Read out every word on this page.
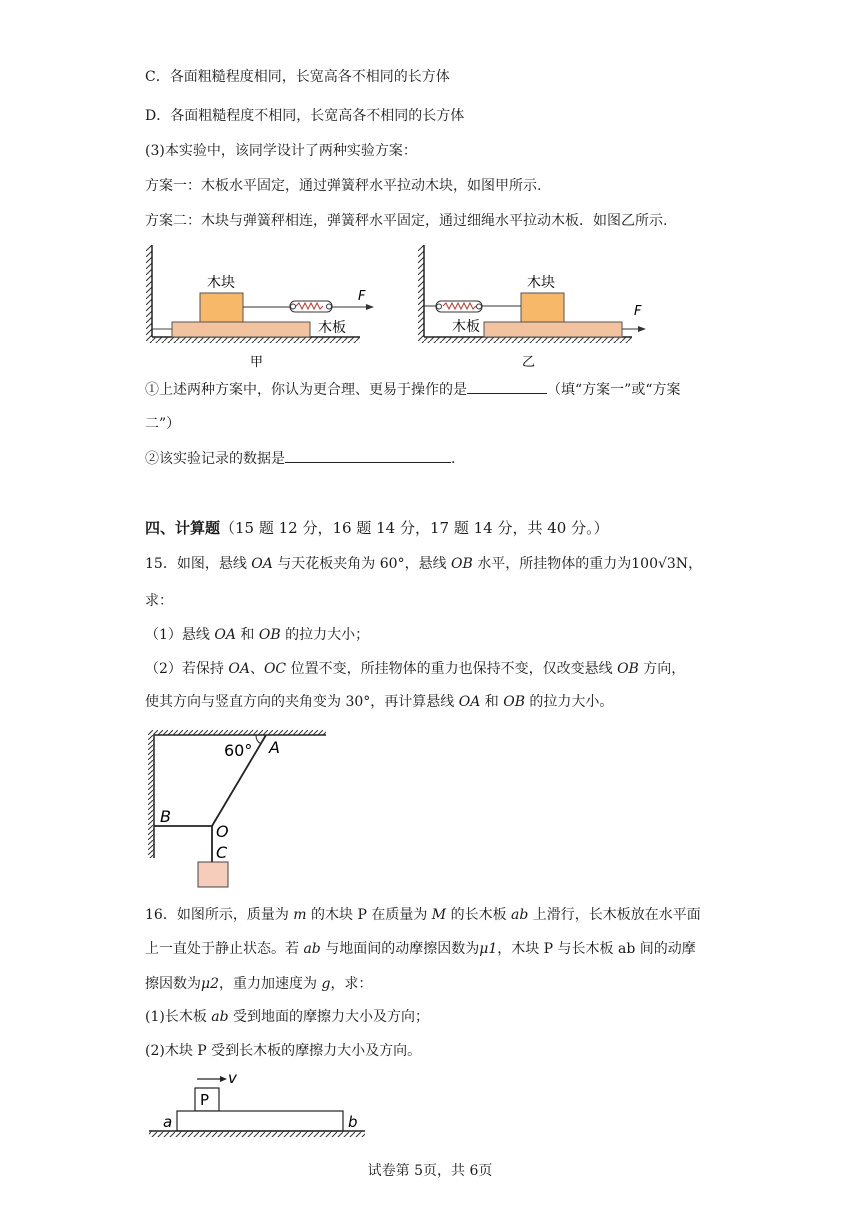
C．各面粗糙程度相同，长宽高各不相同的长方体
D．各面粗糙程度不相同，长宽高各不相同的长方体
(3)本实验中，该同学设计了两种实验方案：
方案一：木板水平固定，通过弹簧秤水平拉动木块，如图甲所示.
方案二：木块与弹簧秤相连，弹簧秤水平固定，通过细绳水平拉动木板．如图乙所示.
木块
F
木板
甲
F
木块
木板
乙
①上述两种方案中，你认为更合理、更易于操作的是	（填“方案一”或“方案
二”）
②该实验记录的数据是	.
四、计算题（15 题 12 分，16 题 14 分，17 题 14 分，共 40 分。）
15．如图，悬线 OA 与天花板夹角为 60°，悬线 OB 水平，所挂物体的重力为100√3N，
求：
（1）悬线 OA 和 OB 的拉力大小；
（2）若保持 OA、OC 位置不变，所挂物体的重力也保持不变，仅改变悬线 OB 方向，
使其方向与竖直方向的夹角变为 30°，再计算悬线 OA 和 OB 的拉力大小。
60° A
B
O
C
16．如图所示，质量为 m 的木块 P 在质量为 M 的长木板 ab 上滑行，长木板放在水平面
上一直处于静止状态。若 ab 与地面间的动摩擦因数为μ1，木块 P 与长木板 ab 间的动摩
擦因数为μ2，重力加速度为 g，求：
(1)长木板 ab 受到地面的摩擦力大小及方向；
(2)木块 P 受到长木板的摩擦力大小及方向。
v
P
a	b
试卷第 5页，共 6页
